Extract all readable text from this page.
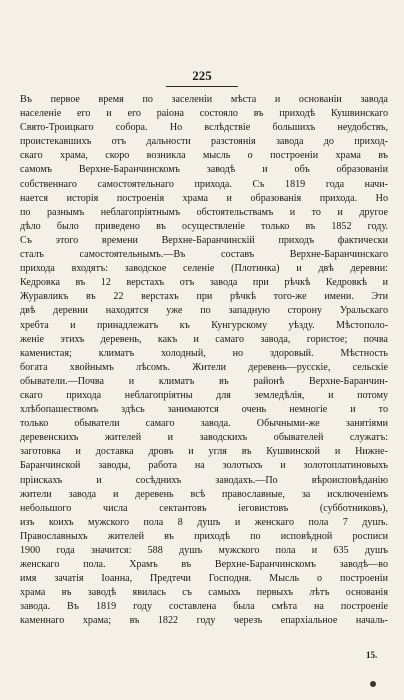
225
Въ первое время по заселеніи мѣста и основаніи завода
населеніе его и его раіона состояло въ приходѣ Кушвинскаго
Свято-Троицкаго собора. Но вслѣдствіе большихъ неудобствъ,
проистекавшихъ отъ дальности разстоянія завода до приход-
скаго храма, скоро возникла мысль о построеніи храма въ
самомъ Верхне-Баранчинскомъ заводѣ и объ образованіи
собственнаго самостоятельнаго прихода. Съ 1819 года начи-
нается исторія построенія храма и образованія прихода. Но
по разнымъ неблагопріятнымъ обстоятельствамъ и то и другое
дѣло было приведено въ осуществленіе только въ 1852 году.
Съ этого времени Верхне-Баранчинскій приходъ фактически
сталъ самостоятельнымъ.—Въ составъ Верхне-Баранчинскаго
прихода входятъ: заводское селеніе (Плотинка) и двѣ деревни:
Кедровка въ 12 верстахъ отъ завода при рѣчкѣ Кедровкѣ и
Журавликъ въ 22 верстахъ при рѣчкѣ того-же имени. Эти
двѣ деревни находятся уже по западную сторону Уральскаго
хребта и принадлежатъ къ Кунгурскому уѣзду. Мѣстополо-
женіе этихъ деревень, какъ и самаго завода, гористое; почва
каменистая; климатъ холодный, но здоровый. Мѣстность
богата хвойнымъ лѣсомъ. Жители деревень—русскіе, сельскіе
обыватели.—Почва и климатъ въ районѣ Верхне-Баранчин-
скаго прихода неблагопріятны для земледѣлія, и потому
хлѣбопашествомъ здѣсь занимаются очень немногіе и то
только обыватели самаго завода. Обычными-же занятіями
деревенскихъ жителей и заводскихъ обывателей служатъ:
заготовка и доставка дровъ и угля въ Кушвинской и Нижне-
Баранчинской заводы, работа на золотыхъ и золотоплатиновыхъ
пріискахъ и сосѣднихъ заводахъ.—По вѣроисповѣданію
жители завода и деревень всѣ православные, за исключеніемъ
небольшого числа сектантовъ іеговистовъ (субботниковъ),
изъ коихъ мужского пола 8 душъ и женскаго пола 7 душъ.
Православныхъ жителей въ приходѣ по исповѣдной росписи
1900 года значится: 588 душъ мужского пола и 635 душъ
женскаго пола. Храмъ въ Верхне-Баранчинскомъ заводѣ—во
имя зачатія Іоанна, Предтечи Господня. Мысль о построеніи
храма въ заводѣ явилась съ самыхъ первыхъ лѣтъ основанія
завода. Въ 1819 году составлена была смѣта на построеніе
каменнаго храма; въ 1822 году черезъ епархіальное началь-
15.
